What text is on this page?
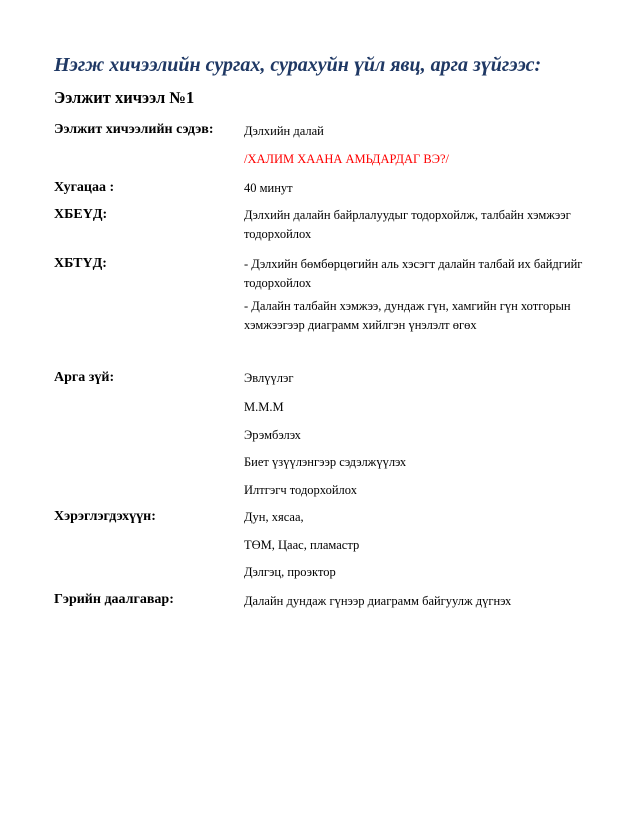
Нэгж хичээлийн сургах, сурахуйн үйл явц, арга зүйгээс:
Ээлжит хичээл №1
Ээлжит хичээлийн сэдэв: Дэлхийн далай
/ХАЛИМ ХААНА АМЬДАРДАГ ВЭ?/
Хугацаа :	40 минут
ХБЕҮД:	Дэлхийн далайн байрлалуудыг тодорхойлж, талбайн хэмжээг тодорхойлох
ХБТҮД:	- Дэлхийн бөмбөрцөгийн аль хэсэгт далайн талбай их байдгийг тодорхойлох
- Далайн талбайн хэмжээ, дундаж гүн, хамгийн гүн хотгорын хэмжээгээр диаграмм хийлгэн үнэлэлт өгөх
Арга зүй:	Эвлүүлэг
М.М.М
Эрэмбэлэх
Биет үзүүлэнгээр сэдэлжүүлэх
Илтгэгч тодорхойлох
Хэрэглэгдэхүүн:	Дун, хясаа,
ТӨМ, Цаас, пламастр
Дэлгэц, проэктор
Гэрийн даалгавар:	Далайн дундаж гүнээр диаграмм байгуулж дүгнэх
